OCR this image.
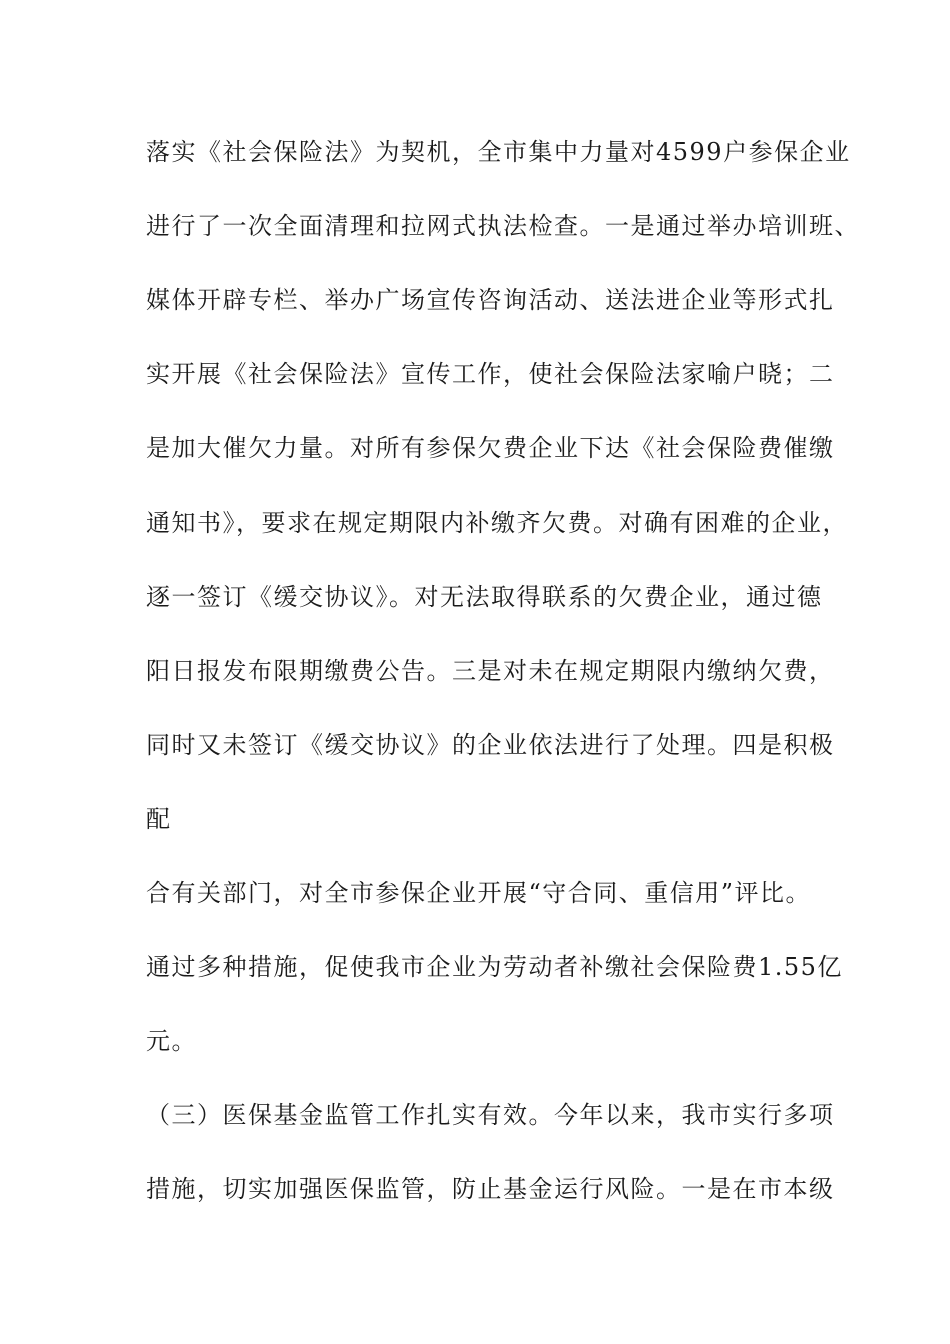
落实《社会保险法》为契机，全市集中力量对4599户参保企业

进行了一次全面清理和拉网式执法检查。一是通过举办培训班、

媒体开辟专栏、举办广场宣传咨询活动、送法进企业等形式扎

实开展《社会保险法》宣传工作，使社会保险法家喻户晓；二

是加大催欠力量。对所有参保欠费企业下达《社会保险费催缴

通知书》，要求在规定期限内补缴齐欠费。对确有困难的企业，

逐一签订《缓交协议》。对无法取得联系的欠费企业，通过德

阳日报发布限期缴费公告。三是对未在规定期限内缴纳欠费，

同时又未签订《缓交协议》的企业依法进行了处理。四是积极

配

合有关部门，对全市参保企业开展“守合同、重信用”评比。

通过多种措施，促使我市企业为劳动者补缴社会保险费1.55亿

元。

（三）医保基金监管工作扎实有效。今年以来，我市实行多项

措施，切实加强医保监管，防止基金运行风险。一是在市本级
